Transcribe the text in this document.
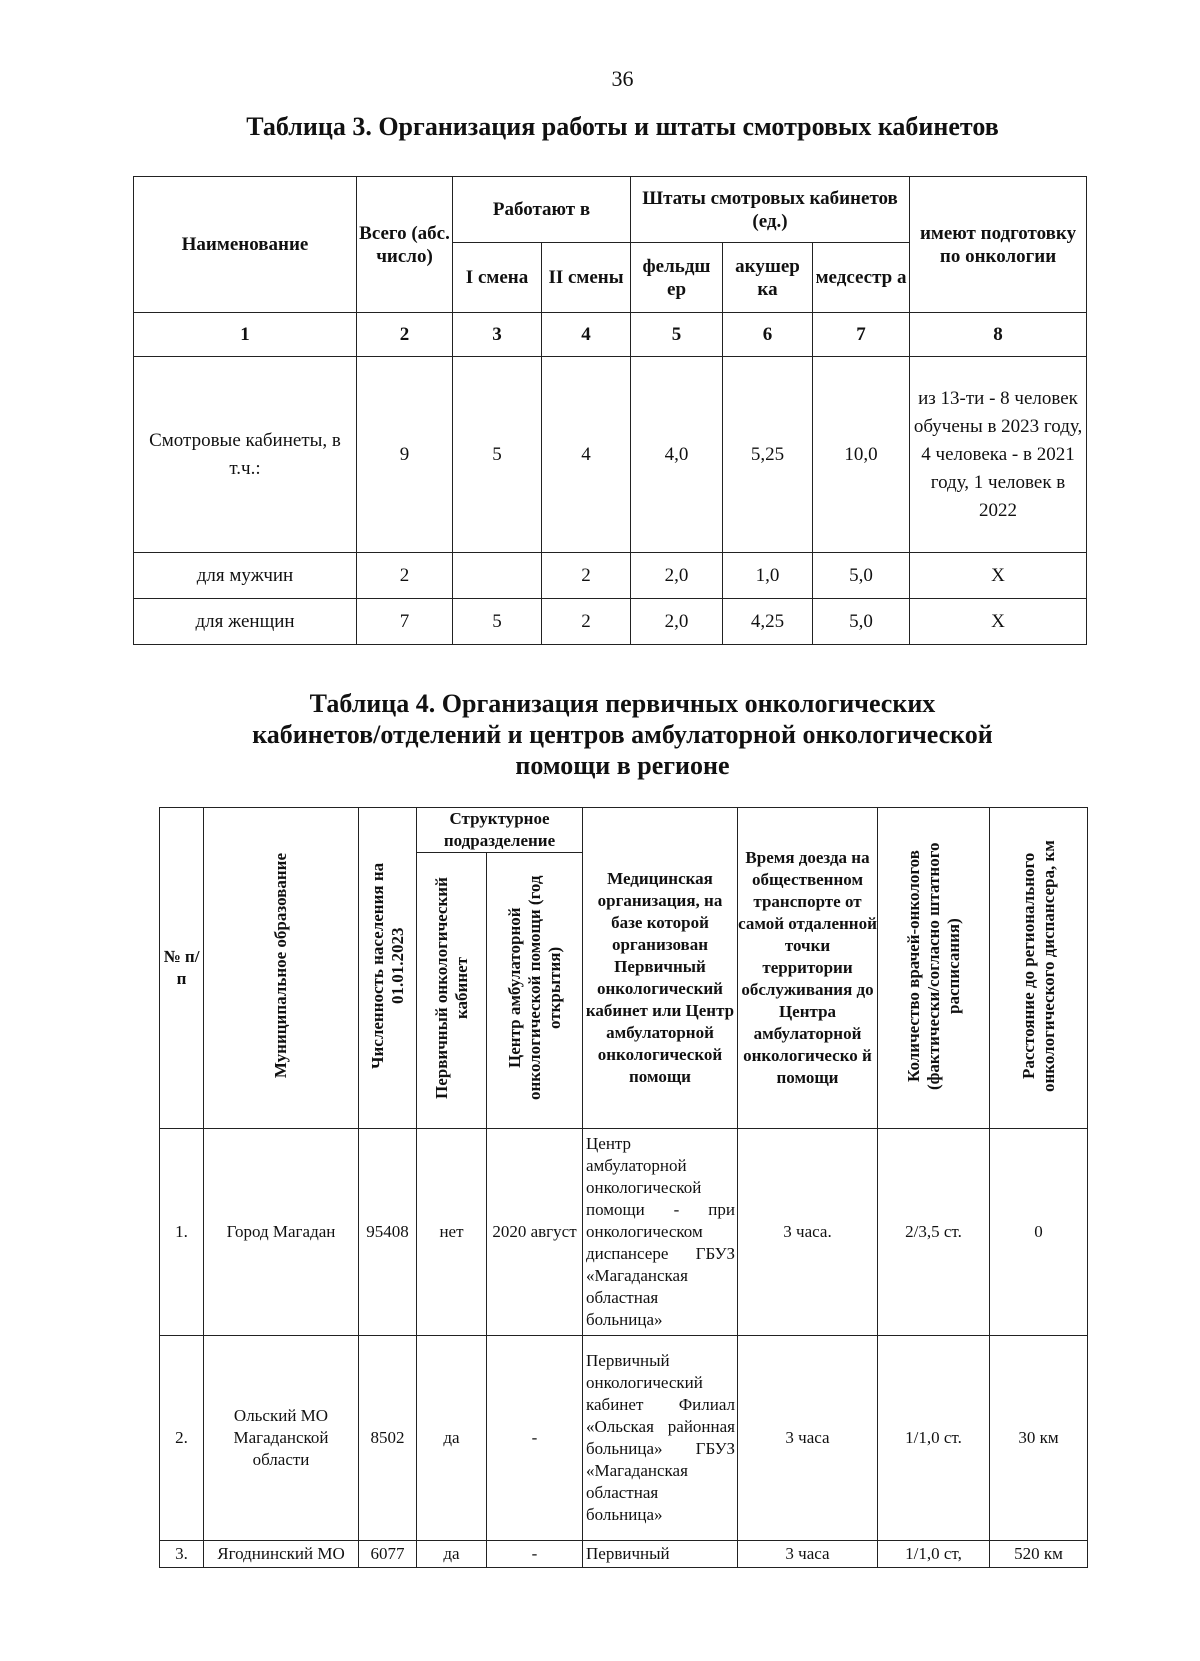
36
Таблица 3. Организация работы и штаты смотровых кабинетов
Наименование	Всего (абс. число)	Работают в		Штаты смотровых кабинетов (ед.)			имеют подготовку по онкологии
		I смена	II смены	фельдш ер	акушер ка	медсестр а	
1	2	3	4	5	6	7	8
Смотровые кабинеты, в т.ч.:	9	5	4	4,0	5,25	10,0	из 13-ти - 8 человек обучены в 2023 году, 4 человека - в 2021 году, 1 человек в 2022
для мужчин	2		2	2,0	1,0	5,0	Х
для женщин	7	5	2	2,0	4,25	5,0	Х
Таблица 4. Организация первичных онкологических
кабинетов/отделений и центров амбулаторной онкологической
помощи в регионе
№ п/п	Муниципальное образование	Численность населения на 01.01.2023	Структурное подразделение		Медицинская организация, на базе которой организован Первичный онкологический кабинет или Центр амбулаторной онкологической помощи	Время доезда на общественном транспорте от самой отдаленной точки территории обслуживания до Центра амбулаторной онкологическо й помощи	Количество врачей-онкологов (фактически/согласно штатного расписания)	Расстояние до регионального онкологического диспансера, км
			Первичный онкологический кабинет	Центр амбулаторной онкологической помощи (год открытия)				
1.	Город Магадан	95408	нет	2020 август	Центр амбулаторной онкологической помощи - при онкологическом диспансере ГБУЗ «Магаданская областная больница»	3 часа.	2/3,5 ст.	0
2.	Ольский МО Магаданской области	8502	да	-	Первичный онкологический кабинет Филиал «Ольская районная больница» ГБУЗ «Магаданская областная больница»	3 часа	1/1,0 ст.	30 км
3.	Ягоднинский МО	6077	да	-	Первичный	3 часа	1/1,0 ст,	520 км
